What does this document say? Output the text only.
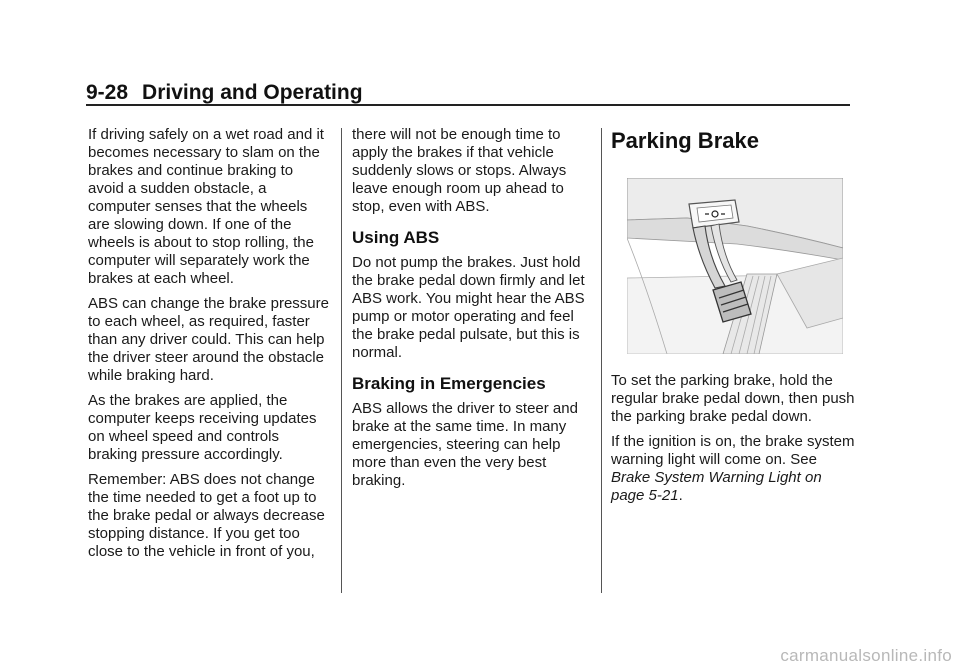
9-28 Driving and Operating

If driving safely on a wet road and it becomes necessary to slam on the brakes and continue braking to avoid a sudden obstacle, a computer senses that the wheels are slowing down. If one of the wheels is about to stop rolling, the computer will separately work the brakes at each wheel.

ABS can change the brake pressure to each wheel, as required, faster than any driver could. This can help the driver steer around the obstacle while braking hard.

As the brakes are applied, the computer keeps receiving updates on wheel speed and controls braking pressure accordingly.

Remember: ABS does not change the time needed to get a foot up to the brake pedal or always decrease stopping distance. If you get too close to the vehicle in front of you,

there will not be enough time to apply the brakes if that vehicle suddenly slows or stops. Always leave enough room up ahead to stop, even with ABS.

Using ABS

Do not pump the brakes. Just hold the brake pedal down firmly and let ABS work. You might hear the ABS pump or motor operating and feel the brake pedal pulsate, but this is normal.

Braking in Emergencies

ABS allows the driver to steer and brake at the same time. In many emergencies, steering can help more than even the very best braking.

Parking Brake

To set the parking brake, hold the regular brake pedal down, then push the parking brake pedal down.

If the ignition is on, the brake system warning light will come on. See Brake System Warning Light on page 5-21.

carmanualsonline.info
